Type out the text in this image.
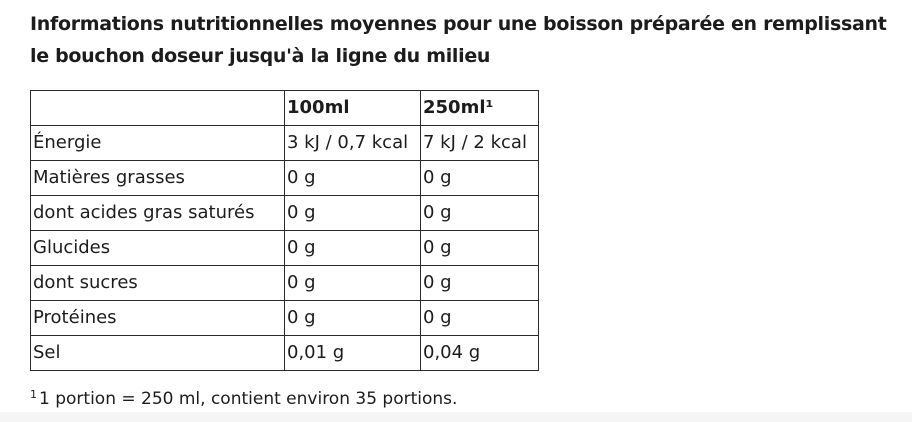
Informations nutritionnelles moyennes pour une boisson préparée en remplissant le bouchon doseur jusqu'à la ligne du milieu
	100ml	250ml¹
Énergie	3 kJ / 0,7 kcal	7 kJ / 2 kcal
Matières grasses	0 g	0 g
dont acides gras saturés	0 g	0 g
Glucides	0 g	0 g
dont sucres	0 g	0 g
Protéines	0 g	0 g
Sel	0,01 g	0,04 g

$^1$ 1 portion = 250 ml, contient environ 35 portions.
